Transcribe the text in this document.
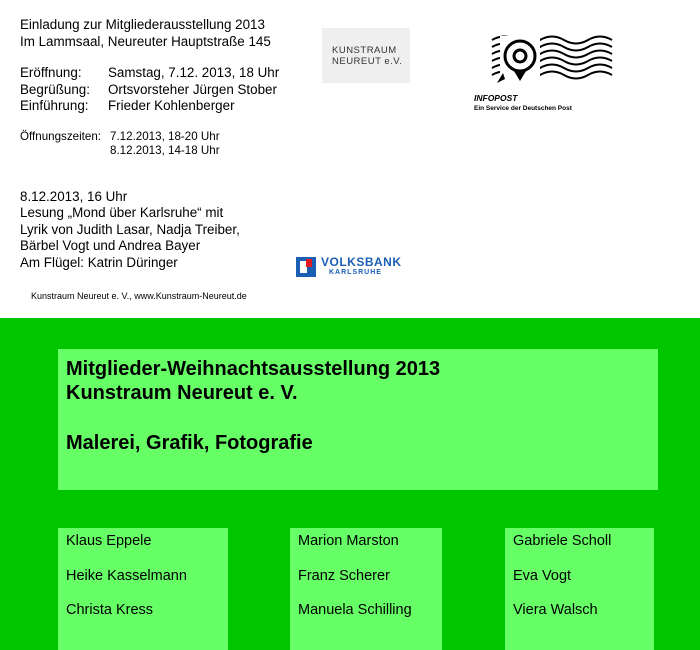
Einladung zur Mitgliederausstellung 2013
Im Lammsaal, Neureuter Hauptstraße 145
Eröffnung:	Samstag, 7.12. 2013, 18 Uhr
Begrüßung:	Ortsvorsteher Jürgen Stober
Einführung:	Frieder Kohlenberger
Öffnungszeiten: 7.12.2013, 18-20 Uhr
8.12.2013, 14-18 Uhr
8.12.2013, 16 Uhr
Lesung „Mond über Karlsruhe“ mit
Lyrik von Judith Lasar, Nadja Treiber,
Bärbel Vogt und Andrea Bayer
Am Flügel: Katrin Düringer
KUNSTRAUM
NEUREUT e.V.
INFOPOST
Ein Service der Deutschen Post
VOLKSBANK
KARLSRUHE
Kunstraum Neureut e. V., www.Kunstraum-Neureut.de
Mitglieder-Weihnachtsausstellung 2013
Kunstraum Neureut e. V.
Malerei, Grafik, Fotografie
Klaus Eppele
Heike Kasselmann
Christa Kress
Marion Marston
Franz Scherer
Manuela Schilling
Gabriele Scholl
Eva Vogt
Viera Walsch
